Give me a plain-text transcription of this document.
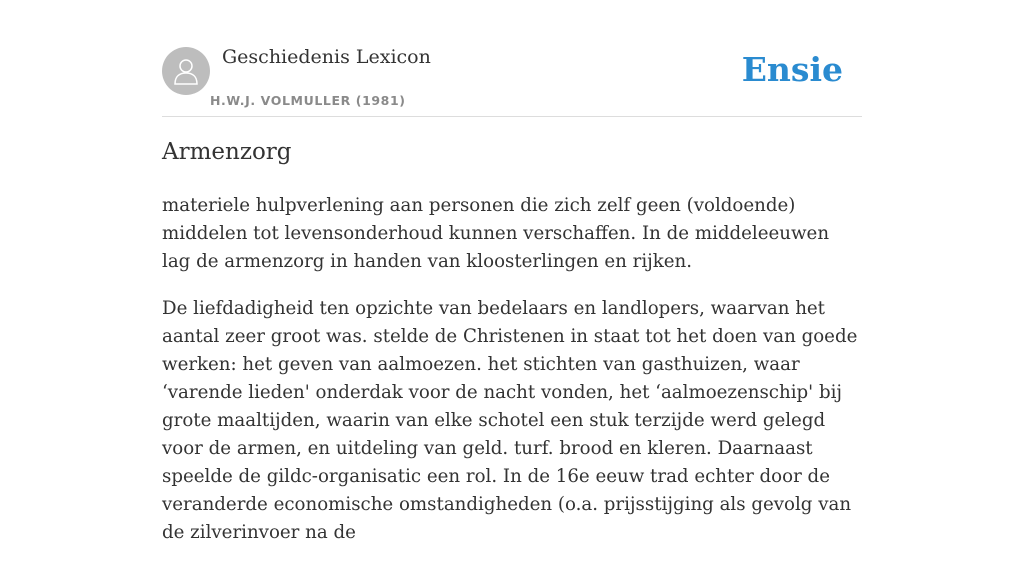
Geschiedenis Lexicon
H.W.J. VOLMULLER (1981)
Ensie
Armenzorg

materiele hulpverlening aan personen die zich zelf geen (voldoende) middelen tot levensonderhoud kunnen verschaffen. In de middeleeuwen lag de armenzorg in handen van kloosterlingen en rijken.

De liefdadigheid ten opzichte van bedelaars en landlopers, waarvan het aantal zeer groot was. stelde de Christenen in staat tot het doen van goede werken: het geven van aalmoezen. het stichten van gasthuizen, waar ‘varende lieden' onderdak voor de nacht vonden, het ‘aalmoezenschip' bij grote maaltijden, waarin van elke schotel een stuk terzijde werd gelegd voor de armen, en uitdeling van geld. turf. brood en kleren. Daarnaast speelde de gildc-organisatic een rol. In de 16e eeuw trad echter door de veranderde economische omstandigheden (o.a. prijsstijging als gevolg van de zilverinvoer na de
